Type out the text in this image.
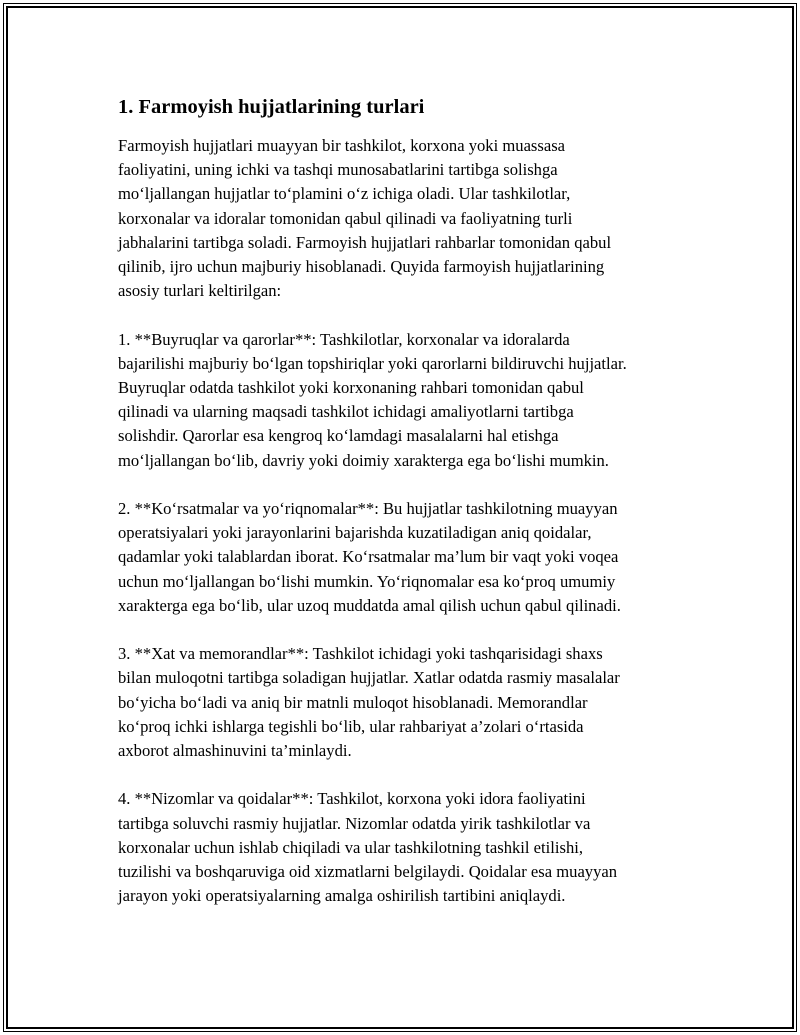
1. Farmoyish hujjatlarining turlari

Farmoyish hujjatlari muayyan bir tashkilot, korxona yoki muassasa
faoliyatini, uning ichki va tashqi munosabatlarini tartibga solishga
mo‘ljallangan hujjatlar to‘plamini o‘z ichiga oladi. Ular tashkilotlar,
korxonalar va idoralar tomonidan qabul qilinadi va faoliyatning turli
jabhalarini tartibga soladi. Farmoyish hujjatlari rahbarlar tomonidan qabul
qilinib, ijro uchun majburiy hisoblanadi. Quyida farmoyish hujjatlarining
asosiy turlari keltirilgan:

1. **Buyruqlar va qarorlar**: Tashkilotlar, korxonalar va idoralarda
bajarilishi majburiy bo‘lgan topshiriqlar yoki qarorlarni bildiruvchi hujjatlar.
Buyruqlar odatda tashkilot yoki korxonaning rahbari tomonidan qabul
qilinadi va ularning maqsadi tashkilot ichidagi amaliyotlarni tartibga
solishdir. Qarorlar esa kengroq ko‘lamdagi masalalarni hal etishga
mo‘ljallangan bo‘lib, davriy yoki doimiy xarakterga ega bo‘lishi mumkin.

2. **Ko‘rsatmalar va yo‘riqnomalar**: Bu hujjatlar tashkilotning muayyan
operatsiyalari yoki jarayonlarini bajarishda kuzatiladigan aniq qoidalar,
qadamlar yoki talablardan iborat. Ko‘rsatmalar ma’lum bir vaqt yoki voqea
uchun mo‘ljallangan bo‘lishi mumkin. Yo‘riqnomalar esa ko‘proq umumiy
xarakterga ega bo‘lib, ular uzoq muddatda amal qilish uchun qabul qilinadi.

3. **Xat va memorandlar**: Tashkilot ichidagi yoki tashqarisidagi shaxs
bilan muloqotni tartibga soladigan hujjatlar. Xatlar odatda rasmiy masalalar
bo‘yicha bo‘ladi va aniq bir matnli muloqot hisoblanadi. Memorandlar
ko‘proq ichki ishlarga tegishli bo‘lib, ular rahbariyat a’zolari o‘rtasida
axborot almashinuvini ta’minlaydi.

4. **Nizomlar va qoidalar**: Tashkilot, korxona yoki idora faoliyatini
tartibga soluvchi rasmiy hujjatlar. Nizomlar odatda yirik tashkilotlar va
korxonalar uchun ishlab chiqiladi va ular tashkilotning tashkil etilishi,
tuzilishi va boshqaruviga oid xizmatlarni belgilaydi. Qoidalar esa muayyan
jarayon yoki operatsiyalarning amalga oshirilish tartibini aniqlaydi.
